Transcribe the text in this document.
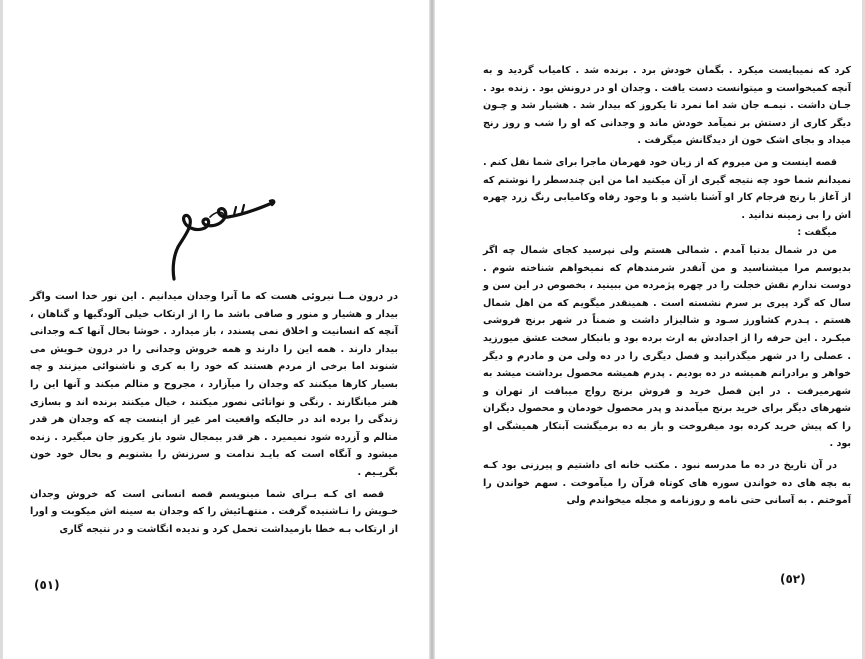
در درون مــا نیروئی هست که ما آنرا وجدان میدانیم . این نور خدا است واگر بیدار و هشیار و منور و صافی باشد ما را از ارتکاب خیلی آلودگیها و گناهان ، آنچه که انسانیت و اخلاق نمی پسندد ، باز میدارد . خوشا بحال آنها کـه وجدانی بیدار دارند . همه این را دارند و همه خروش وجدانی را در درون خـویش می شنوند اما برخی از مردم هستند که خود را به کری و ناشنوائی میزنند و چه بسیار کارها میکنند که وجدان را میآزارد ، مجروح و متالم میکند و آنها این را هنر میانگارند . رنگی و نواتائی نصور میکنند ، خیال میکنند برنده اند و بسازی زندگی را برده اند در حالیکه واقعیت امر غیر از اینست چه که وجدان هر قدر متالم و آزرده شود نمیمیرد . هر قدر بیمجال شود باز یکروز جان میگیرد . زنده میشود و آنگاه است که بایـد ندامت و سرزنش را بشنویم و بحال خود خون بگریـیم .

قصه ای کـه بـرای شما مینویسم قصه انسانی است که خروش وجدان خـویش را نـاشنیده گرفت . منتهـائیش را که وجدان به سینه اش میکوبت و اورا از ارتکاب بـه خطا بازمیداشت تحمل کرد و ندیده انگاشت و در نتیجه گاری

(٥١)

کرد که نمیبایست میکرد . بگمان خودش برد . برنده شد . کامیاب گردید و به آنچه کمیخواست و میتوانست دست یافت . وجدان او در درونش بود . زنده بود . جـان داشت . نیمـه جان شد اما نمرد تا یکروز که بیدار شد . هشیار شد و چـون دیگر کاری از دستش بر نمیآمد خودش ماند و وجدانی که او را شب و روز رنج میداد و بجای اشک خون از دیدگانش میگرفت .

قصه اینست و من میروم که از زبان خود قهرمان ماجرا برای شما نقل کنم . نمیدانم شما خود چه نتیجه گیری از آن میکنید اما من این چندسطر را نوشتم که از آغاز با رنج فرجام کار او آشنا باشید و با وجود رفاه وکامیابی رنگ زرد چهره اش را بی زمینه ندانید .

میگفت :

من در شمال بدنیا آمدم . شمالی هستم ولی نپرسید کجای شمال چه اگر بدیوسم مرا میشناسید و من آنقدر شرمندهام که نمیخواهم شناخته شوم . دوست ندارم نقش خجلت را در چهره پژمرده من ببینید ، بخصوص در این سن و سال که گرد پیری بر سرم نشسته است . همینقدر میگویم که من اهل شمال هستم . پـدرم کشاورز سـود و شالیزار داشت و ضمناً در شهر برنج فروشی میکـرد . این حرفه را از اجدادش به ارث برده بود و بانبکار سخت عشق میورزید . عصلی را در شهر میگذرانید و فصل دیگری را در ده ولی من و مادرم و دیگر خواهر و برادرانم همیشه در ده بودیم . پدرم همیشه محصول برداشت میشد به شهرمیرفت . در این فصل خرید و فروش برنج رواج میبافت از تهران و شهرهای دیگر برای خرید برنج میآمدند و پدر محصول خودمان و محصول دیگران را که پیش خرید کرده بود میفروخت و باز به ده برمیگشت آبتکار همیشگی او بود .

در آن تاریخ در ده ما مدرسه نبود . مکتب خانه ای داشتیم و پیرزنی بود کـه به بچه های ده خواندن سوره های کوتاه قرآن را میآموخت . سهم خواندن را آموختم . به آسانی حتی نامه و روزنامه و مجله میخواندم ولی

(٥٢)
